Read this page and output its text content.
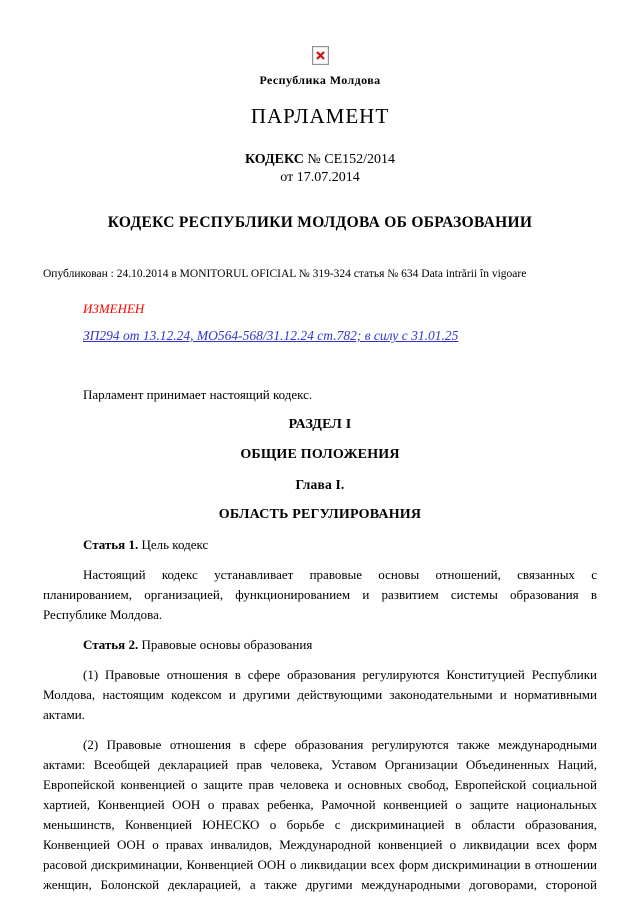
Республика Молдова
ПАРЛАМЕНТ
КОДЕКС № СЕ152/2014
от 17.07.2014
КОДЕКС РЕСПУБЛИКИ МОЛДОВА ОБ ОБРАЗОВАНИИ
Опубликован : 24.10.2014 в MONITORUL OFICIAL № 319-324 статья № 634 Data intrării în vigoare
ИЗМЕНЕН
ЗП294 от 13.12.24, МО564-568/31.12.24 ст.782; в силу с 31.01.25

Парламент принимает настоящий кодекс.

РАЗДЕЛ I
ОБЩИЕ ПОЛОЖЕНИЯ
Глава I.
ОБЛАСТЬ РЕГУЛИРОВАНИЯ

Статья 1. Цель кодекс

Настоящий кодекс устанавливает правовые основы отношений, связанных с планированием, организацией, функционированием и развитием системы образования в Республике Молдова.

Статья 2. Правовые основы образования

(1) Правовые отношения в сфере образования регулируются Конституцией Республики Молдова, настоящим кодексом и другими действующими законодательными и нормативными актами.

(2) Правовые отношения в сфере образования регулируются также международными актами: Всеобщей декларацией прав человека, Уставом Организации Объединенных Наций, Европейской конвенцией о защите прав человека и основных свобод, Европейской социальной хартией, Конвенцией ООН о правах ребенка, Рамочной конвенцией о защите национальных меньшинств, Конвенцией ЮНЕСКО о борьбе с дискриминацией в области образования, Конвенцией ООН о правах инвалидов, Международной конвенцией о ликвидации всех форм расовой дискриминации, Конвенцией ООН о ликвидации всех форм дискриминации в отношении женщин, Болонской декларацией, а также другими международными договорами, стороной
